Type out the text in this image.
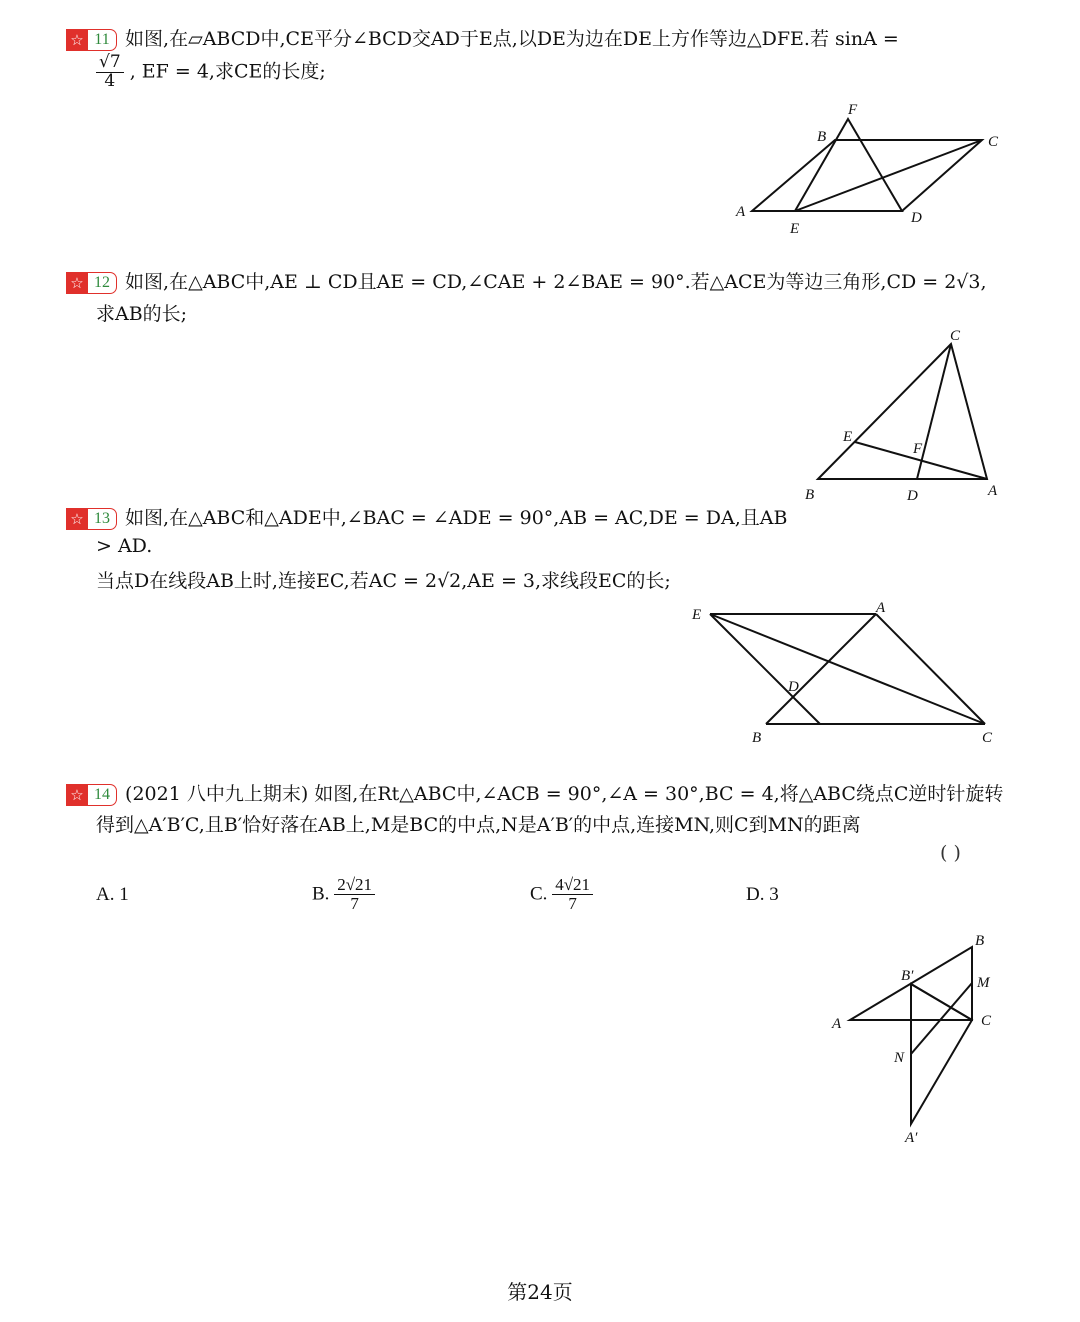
☆ 11 如图,在▱ABCD中,CE平分∠BCD交AD于E点,以DE为边在DE上方作等边△DFE.若 sinA =
$\frac{√7}{4}$ , EF = 4,求CE的长度;
F
B	C
A
E
D
☆ 12 如图,在△ABC中,AE ⊥ CD且AE = CD,∠CAE + 2∠BAE = 90°.若△ACE为等边三角形,CD = 2√3,
求AB的长;
C
E
F
B	D	A
☆ 13 如图,在△ABC和△ADE中,∠BAC = ∠ADE = 90°,AB = AC,DE = DA,且AB
> AD.
当点D在线段AB上时,连接EC,若AC = 2√2,AE = 3,求线段EC的长;
E	A
D
B	C
☆ 14 (2021 八中九上期末) 如图,在Rt△ABC中,∠ACB = 90°,∠A = 30°,BC = 4,将△ABC绕点C逆时针旋转
得到△A′B′C,且B′恰好落在AB上,M是BC的中点,N是A′B′的中点,连接MN,则C到MN的距离
( )
A. 1	B. $\frac{2√21}{7}$	C. $\frac{4√21}{7}$	D. 3
B
B′	M
A	C
N
A′
第24页
